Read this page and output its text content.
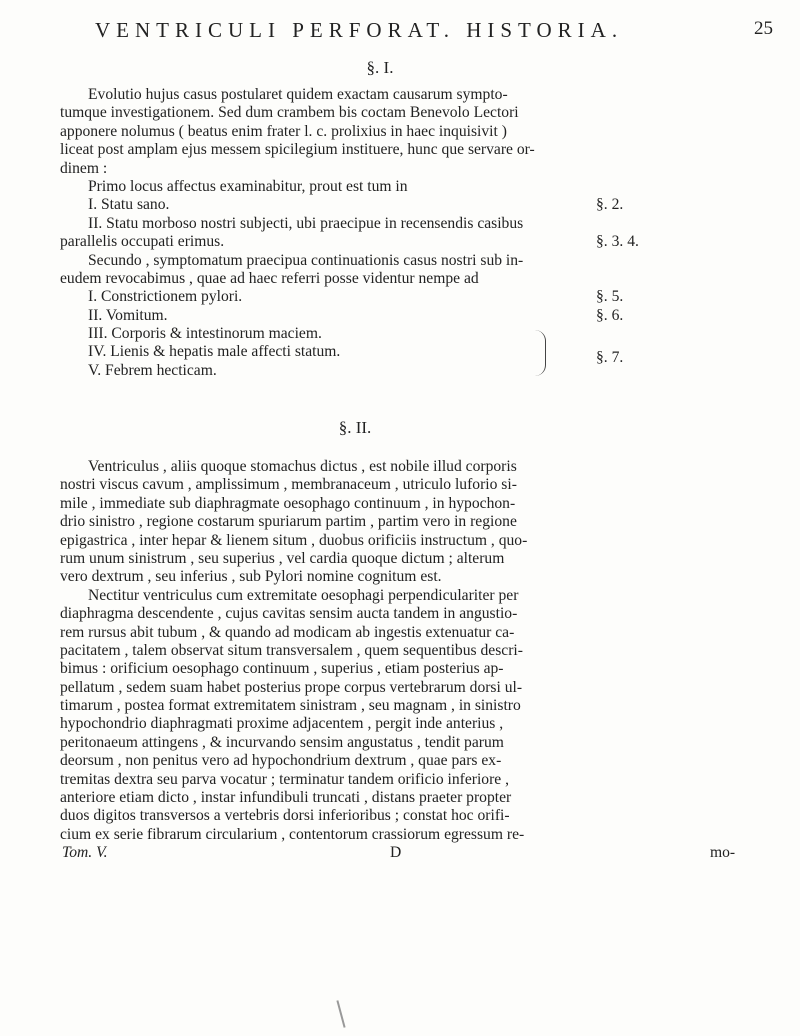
VENTRICULI PERFORAT. HISTORIA.	25
§. I.
Evolutio hujus casus postularet quidem exactam causarum sympto-
tumque investigationem. Sed dum crambem bis coctam Benevolo Lectori
apponere nolumus ( beatus enim frater l. c. prolixius in haec inquisivit )
liceat post amplam ejus messem spicilegium instituere, hunc que servare or-
dinem :
Primo locus affectus examinabitur, prout est tum in
I. Statu sano.	§. 2.
II. Statu morboso nostri subjecti, ubi praecipue in recensendis casibus
parallelis occupati erimus.	§. 3. 4.
Secundo , symptomatum praecipua continuationis casus nostri sub in-
eudem revocabimus , quae ad haec referri posse videntur nempe ad
I. Constrictionem pylori.	§. 5.
II. Vomitum.	§. 6.
III. Corporis & intestinorum maciem.
IV. Lienis & hepatis male affecti statum.
V. Febrem hecticam.
§. 7.
§. II.
Ventriculus , aliis quoque stomachus dictus , est nobile illud corporis
nostri viscus cavum , amplissimum , membranaceum , utriculo luforio si-
mile , immediate sub diaphragmate oesophago continuum , in hypochon-
drio sinistro , regione costarum spuriarum partim , partim vero in regione
epigastrica , inter hepar & lienem situm , duobus orificiis instructum , quo-
rum unum sinistrum , seu superius , vel cardia quoque dictum ; alterum
vero dextrum , seu inferius , sub Pylori nomine cognitum est.
Nectitur ventriculus cum extremitate oesophagi perpendiculariter per
diaphragma descendente , cujus cavitas sensim aucta tandem in angustio-
rem rursus abit tubum , & quando ad modicam ab ingestis extenuatur ca-
pacitatem , talem observat situm transversalem , quem sequentibus descri-
bimus : orificium oesophago continuum , superius , etiam posterius ap-
pellatum , sedem suam habet posterius prope corpus vertebrarum dorsi ul-
timarum , postea format extremitatem sinistram , seu magnam , in sinistro
hypochondrio diaphragmati proxime adjacentem , pergit inde anterius ,
peritonaeum attingens , & incurvando sensim angustatus , tendit parum
deorsum , non penitus vero ad hypochondrium dextrum , quae pars ex-
tremitas dextra seu parva vocatur ; terminatur tandem orificio inferiore ,
anteriore etiam dicto , instar infundibuli truncati , distans praeter propter
duos digitos transversos a vertebris dorsi inferioribus ; constat hoc orifi-
cium ex serie fibrarum circularium , contentorum crassiorum egressum re-
Tom. V.	D	mo-
